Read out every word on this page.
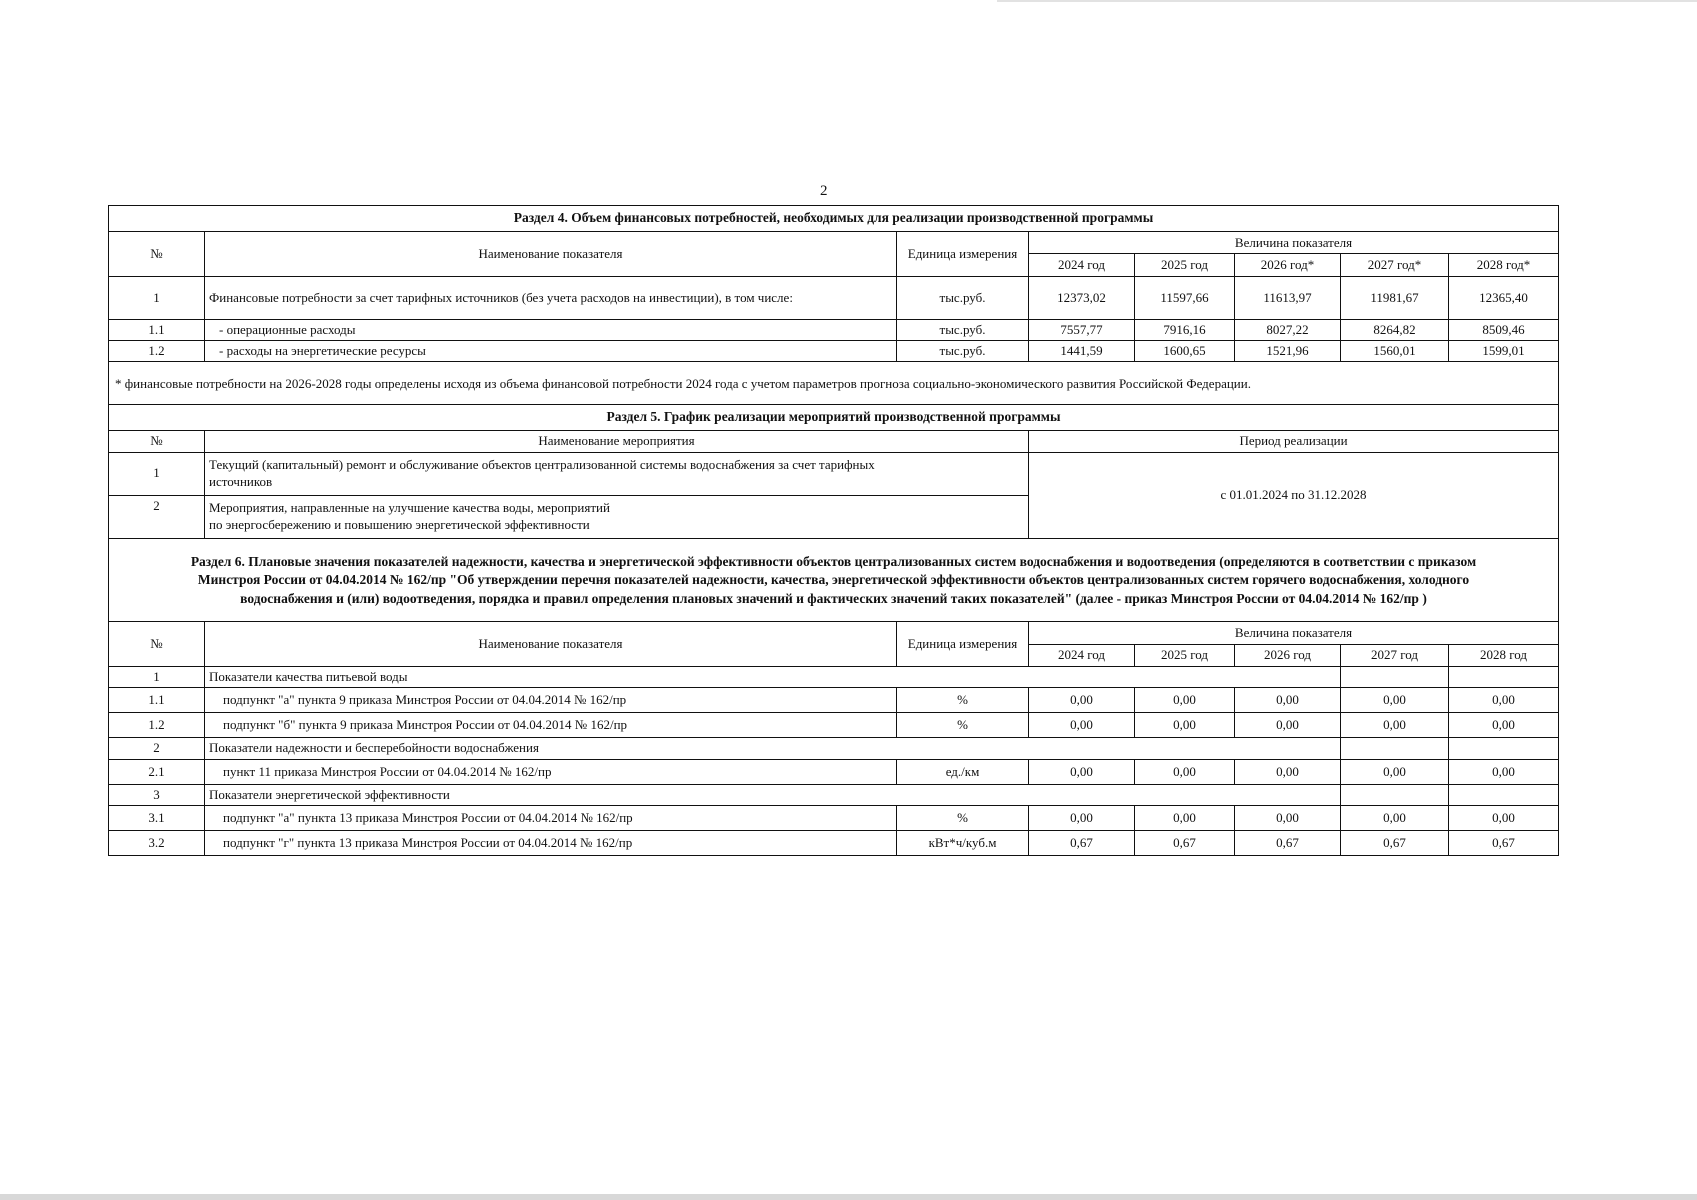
2
Раздел 4. Объем финансовых потребностей, необходимых для реализации производственной программы							
№	Наименование показателя	Единица измерения	Величина показателя				
			2024 год	2025 год	2026 год*	2027 год*	2028 год*
1	Финансовые потребности за счет тарифных источников (без учета расходов на инвестиции), в том числе:	тыс.руб.	12373,02	11597,66	11613,97	11981,67	12365,40
1.1	- операционные расходы	тыс.руб.	7557,77	7916,16	8027,22	8264,82	8509,46
1.2	- расходы на энергетические ресурсы	тыс.руб.	1441,59	1600,65	1521,96	1560,01	1599,01
* финансовые потребности на 2026-2028 годы определены исходя из объема финансовой потребности 2024 года с учетом параметров прогноза социально-экономического развития Российской Федерации.							
Раздел 5. График реализации мероприятий производственной программы							
№	Наименование мероприятия		Период реализации				
1	Текущий (капитальный) ремонт и обслуживание объектов централизованной системы водоснабжения за счет тарифных
источников		с 01.01.2024 по 31.12.2028				
2	Мероприятия, направленные на улучшение качества воды, мероприятий
по энергосбережению и повышению энергетической эффективности						

Раздел 6. Плановые значения показателей надежности, качества и энергетической эффективности объектов централизованных систем водоснабжения и водоотведения (определяются в соответствии с приказом
Минстроя России от 04.04.2014 № 162/пр "Об утверждении перечня показателей надежности, качества, энергетической эффективности объектов централизованных систем горячего водоснабжения, холодного
водоснабжения и (или) водоотведения, порядка и правил определения плановых значений и фактических значений таких показателей" (далее - приказ Минстроя России от 04.04.2014 № 162/пр )							

№	Наименование показателя	Единица измерения	Величина показателя				
			2024 год	2025 год	2026 год	2027 год	2028 год
1	Показатели качества питьевой воды						
1.1	подпункт "а" пункта 9 приказа Минстроя России от 04.04.2014 № 162/пр	%	0,00	0,00	0,00	0,00	0,00
1.2	подпункт "б" пункта 9 приказа Минстроя России от 04.04.2014 № 162/пр	%	0,00	0,00	0,00	0,00	0,00
2	Показатели надежности и бесперебойности водоснабжения						
2.1	пункт 11 приказа Минстроя России от 04.04.2014 № 162/пр	ед./км	0,00	0,00	0,00	0,00	0,00
3	Показатели энергетической эффективности						
3.1	подпункт "а" пункта 13 приказа Минстроя России от 04.04.2014 № 162/пр	%	0,00	0,00	0,00	0,00	0,00
3.2	подпункт "г" пункта 13 приказа Минстроя России от 04.04.2014 № 162/пр	кВт*ч/куб.м	0,67	0,67	0,67	0,67	0,67
